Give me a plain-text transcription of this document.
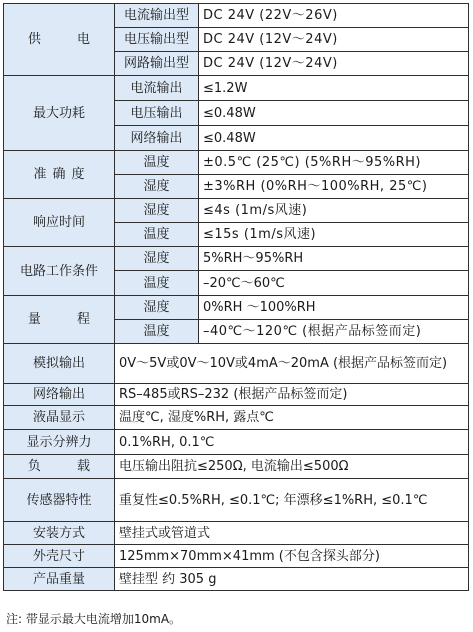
供 电	电流输出型	DC 24V (22V～26V)
	电压输出型	DC 24V (12V～24V)
	网路输出型	DC 24V (12V～24V)
最大功耗	电流输出	≤1.2W
	电压输出	≤0.48W
	网络输出	≤0.48W
准确度	温度	±0.5℃ (25℃) (5%RH～95%RH)
	湿度	±3%RH (0%RH～100%RH, 25℃)
响应时间	湿度	≤4s (1m/s风速)
	温度	≤15s (1m/s风速)
电路工作条件	湿度	5%RH～95%RH
	温度	–20℃～60℃
量 程	湿度	0%RH ～100%RH
	温度	–40℃～120℃ (根据产品标签而定)
模拟输出	0V～5V或0V～10V或4mA～20mA (根据产品标签而定)	
网络输出	RS–485或RS–232 (根据产品标签而定)	
液晶显示	温度℃, 湿度%RH, 露点℃	
显示分辨力	0.1%RH, 0.1℃	
负 载	电压输出阻抗≤250Ω, 电流输出≤500Ω	
传感器特性	重复性≤0.5%RH, ≤0.1℃; 年漂移≤1%RH, ≤0.1℃	
安装方式	壁挂式或管道式	
外壳尺寸	125mm×70mm×41mm (不包含探头部分)	
产品重量	壁挂型 约 305 g	
注: 带显示最大电流增加10mA。
